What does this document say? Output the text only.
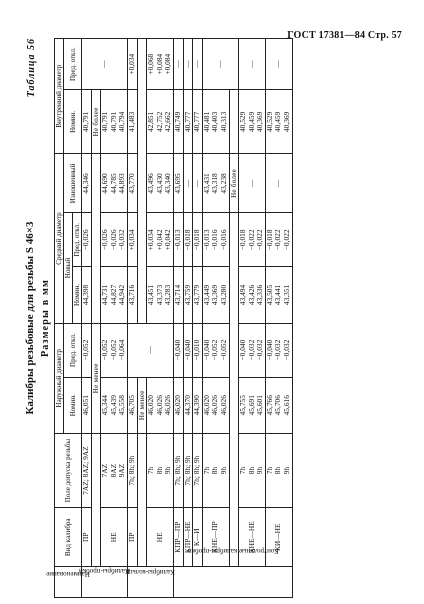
ГОСТ 17381—84 Стр. 57
Калибры резьбовые для резьбы S 46×3 Размеры в мм
Таблица 56
Наименование	Вид калибра	Поле допуска резьбы	Наружный диаметр		Средний диаметр			Внутренний диаметр	
			Номин.	Пред. откл.	Новый		Изношенный	Номин.	Пред. откл.
					Номин.	Пред. откл.			
Калибры-пробки	ПР	7AZ; 8AZ; 9AZ	46,051	−0,052	44,398	−0,026	44,346	40,791	—
			Не менее					Не более	
	НЕ	7AZ 8AZ 9AZ	45,344 45,439 45,558	−0,052 −0,052 −0,064	44,731 44,827 44,942	−0,026 −0,026 −0,032	44,690 44,785 44,893	40,791 40,791 40,794	

Калибры-кольца	ПР	7h; 8h; 9h	46,705	—	43,716	+0,034	43,770	41,483	+0,034
			Не менее						
	НЕ	7h 8h 9h	46,020 46,026 46,026		43,451 43,373 43,283	+0,034 +0,042 +0,042	43,496 43,430 43,340	42,851 42,752 42,662	+0,068 +0,084 +0,084

Контрольные калибры-пробки	КПР—ПР	7h; 8h; 9h	46,020	−0,040	43,714	−0,013	43,695	40,749	—
	КПР—НЕ	7h; 8h; 9h	44,370	−0,040	43,759	−0,018	—	40,777	—
	К—И	7h; 8h; 9h	44,390	−0,010	43,779	−0,018	—	40,777	—
	КНЕ—ПР	7h 8h 9h	46,020 46,026 46,026	−0,040 −0,052 −0,052	43,449 43,369 43,280	−0,013 −0,016 −0,016	43,431 43,318 43,238	40,481 40,403 40,313	—
							Не более		
	КНЕ—НЕ	7h 8h 9h	45,755 45,691 45,601	−0,040 −0,032 −0,032	43,494 43,426 43,336	−0,018 −0,022 −0,022	—	40,529 40,459 40,369	—
	КИ—НЕ	7h 8h 9h	45,766 45,706 45,616	−0,040 −0,032 −0,032	43,505 43,441 43,351	−0,018 −0,022 −0,022	—	40,529 40,459 40,369	—
